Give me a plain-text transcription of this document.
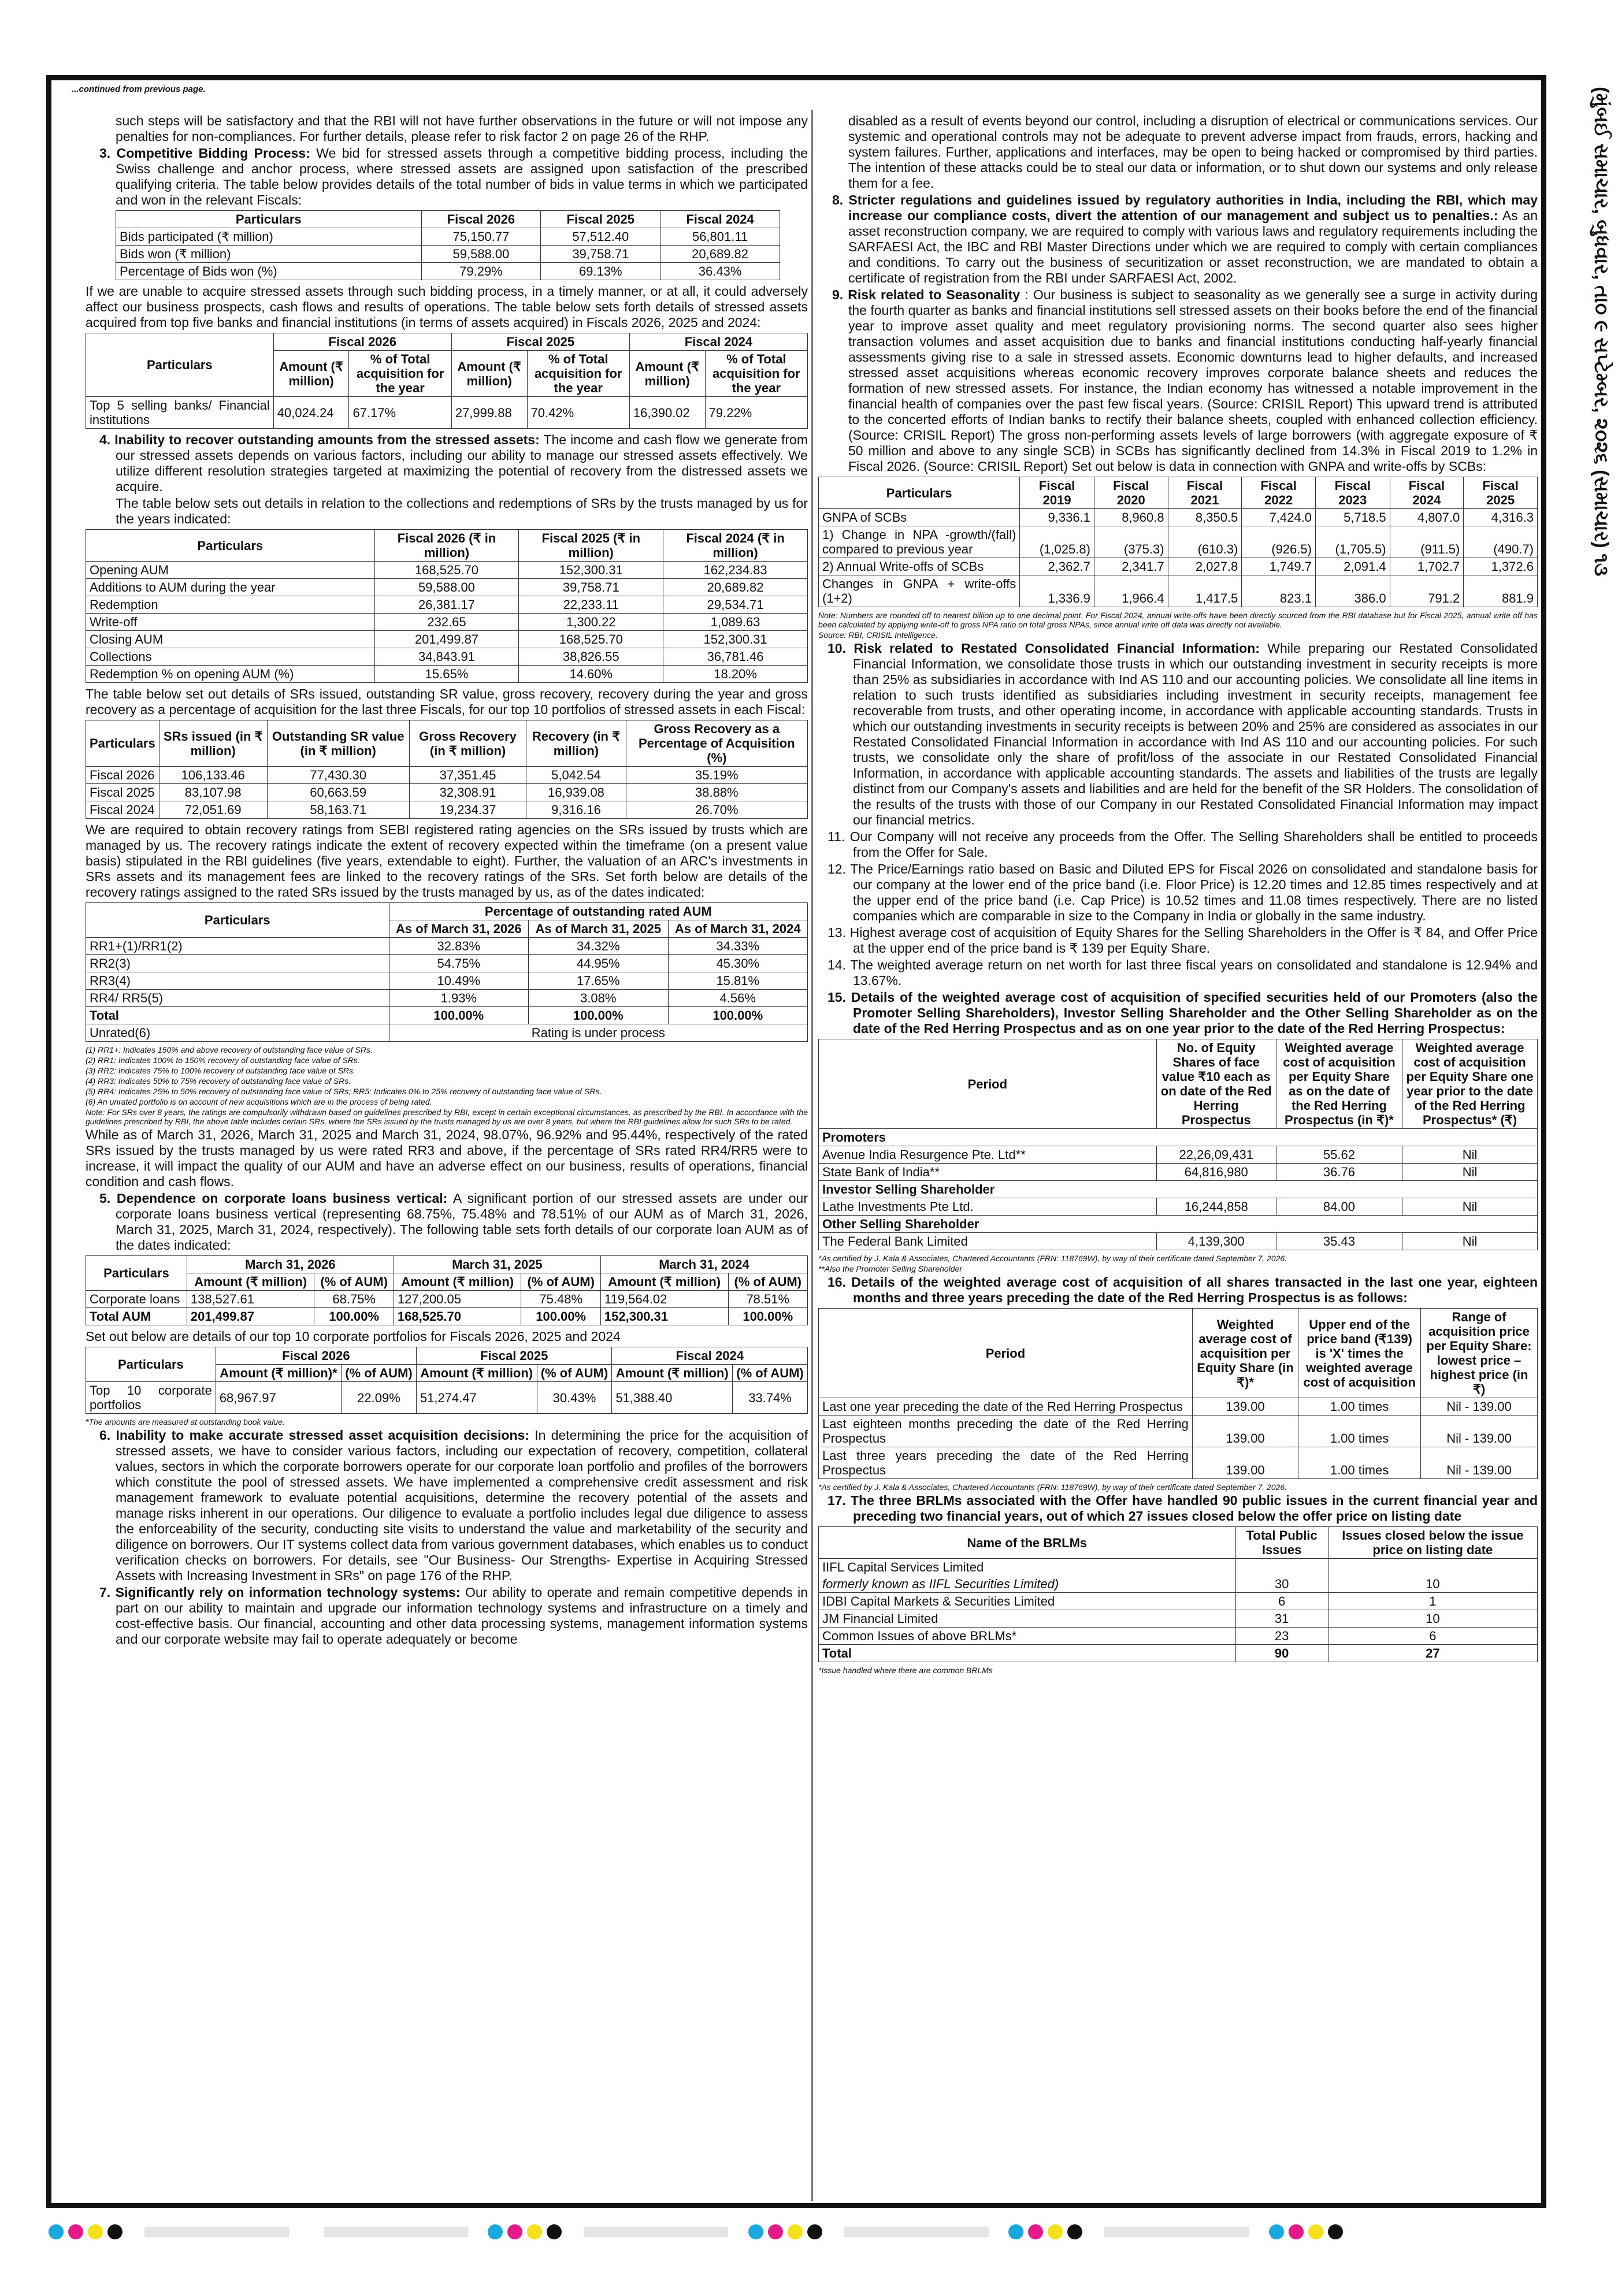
...continued from previous page.	(મુંબઈ સમાચાર, બુધવાર, તા૦ ૯ સપ્ટેમ્બર, ૨૦૨૬ (સમાચાર) ૧૩

such steps will be satisfactory and that the RBI will not have further observations in the future or will not impose any penalties for non-compliances. For further details, please refer to risk factor 2 on page 26 of the RHP.

3. Competitive Bidding Process: We bid for stressed assets through a competitive bidding process, including the Swiss challenge and anchor process, where stressed assets are assigned upon satisfaction of the prescribed qualifying criteria. The table below provides details of the total number of bids in value terms in which we participated and won in the relevant Fiscals:

Particulars	Fiscal 2026	Fiscal 2025	Fiscal 2024
Bids participated (₹ million)	75,150.77	57,512.40	56,801.11
Bids won (₹ million)	59,588.00	39,758.71	20,689.82
Percentage of Bids won (%)	79.29%	69.13%	36.43%

If we are unable to acquire stressed assets through such bidding process, in a timely manner, or at all, it could adversely affect our business prospects, cash flows and results of operations. The table below sets forth details of stressed assets acquired from top five banks and financial institutions (in terms of assets acquired) in Fiscals 2026, 2025 and 2024:

Particulars	Fiscal 2026		Fiscal 2025		Fiscal 2024	
	Amount (₹ million)	% of Total acquisition for the year	Amount (₹ million)	% of Total acquisition for the year	Amount (₹ million)	% of Total acquisition for the year
Top 5 selling banks/ Financial institutions	40,024.24	67.17%	27,999.88	70.42%	16,390.02	79.22%

4. Inability to recover outstanding amounts from the stressed assets: The income and cash flow we generate from our stressed assets depends on various factors, including our ability to manage our stressed assets effectively. We utilize different resolution strategies targeted at maximizing the potential of recovery from the distressed assets we acquire.

The table below sets out details in relation to the collections and redemptions of SRs by the trusts managed by us for the years indicated:

Particulars	Fiscal 2026 (₹ in million)	Fiscal 2025 (₹ in million)	Fiscal 2024 (₹ in million)
Opening AUM	168,525.70	152,300.31	162,234.83
Additions to AUM during the year	59,588.00	39,758.71	20,689.82
Redemption	26,381.17	22,233.11	29,534.71
Write-off	232.65	1,300.22	1,089.63
Closing AUM	201,499.87	168,525.70	152,300.31
Collections	34,843.91	38,826.55	36,781.46
Redemption % on opening AUM (%)	15.65%	14.60%	18.20%

The table below set out details of SRs issued, outstanding SR value, gross recovery, recovery during the year and gross recovery as a percentage of acquisition for the last three Fiscals, for our top 10 portfolios of stressed assets in each Fiscal:

Particulars	SRs issued (in ₹ million)	Outstanding SR value (in ₹ million)	Gross Recovery (in ₹ million)	Recovery (in ₹ million)	Gross Recovery as a Percentage of Acquisition (%)
Fiscal 2026	106,133.46	77,430.30	37,351.45	5,042.54	35.19%
Fiscal 2025	83,107.98	60,663.59	32,308.91	16,939.08	38.88%
Fiscal 2024	72,051.69	58,163.71	19,234.37	9,316.16	26.70%

We are required to obtain recovery ratings from SEBI registered rating agencies on the SRs issued by trusts which are managed by us. The recovery ratings indicate the extent of recovery expected within the timeframe (on a present value basis) stipulated in the RBI guidelines (five years, extendable to eight). Further, the valuation of an ARC's investments in SRs assets and its management fees are linked to the recovery ratings of the SRs. Set forth below are details of the recovery ratings assigned to the rated SRs issued by the trusts managed by us, as of the dates indicated:

Particulars	Percentage of outstanding rated AUM		
	As of March 31, 2026	As of March 31, 2025	As of March 31, 2024
RR1+(1)/RR1(2)	32.83%	34.32%	34.33%
RR2(3)	54.75%	44.95%	45.30%
RR3(4)	10.49%	17.65%	15.81%
RR4/ RR5(5)	1.93%	3.08%	4.56%
Total	100.00%	100.00%	100.00%
Unrated(6)	Rating is under process		
(1) RR1+: Indicates 150% and above recovery of outstanding face value of SRs.
(2) RR1: Indicates 100% to 150% recovery of outstanding face value of SRs.
(3) RR2: Indicates 75% to 100% recovery of outstanding face value of SRs.
(4) RR3: Indicates 50% to 75% recovery of outstanding face value of SRs.
(5) RR4: Indicates 25% to 50% recovery of outstanding face value of SRs; RR5: Indicates 0% to 25% recovery of outstanding face value of SRs.
(6) An unrated portfolio is on account of new acquisitions which are in the process of being rated.
Note: For SRs over 8 years, the ratings are compulsorily withdrawn based on guidelines prescribed by RBI, except in certain exceptional circumstances, as prescribed by the RBI. In accordance with the guidelines prescribed by RBI, the above table includes certain SRs, where the SRs issued by the trusts managed by us are over 8 years, but where the RBI guidelines allow for such SRs to be rated.

While as of March 31, 2026, March 31, 2025 and March 31, 2024, 98.07%, 96.92% and 95.44%, respectively of the rated SRs issued by the trusts managed by us were rated RR3 and above, if the percentage of SRs rated RR4/RR5 were to increase, it will impact the quality of our AUM and have an adverse effect on our business, results of operations, financial condition and cash flows.

5. Dependence on corporate loans business vertical: A significant portion of our stressed assets are under our corporate loans business vertical (representing 68.75%, 75.48% and 78.51% of our AUM as of March 31, 2026, March 31, 2025, March 31, 2024, respectively). The following table sets forth details of our corporate loan AUM as of the dates indicated:

Particulars	March 31, 2026		March 31, 2025		March 31, 2024	
	Amount (₹ million)	(% of AUM)	Amount (₹ million)	(% of AUM)	Amount (₹ million)	(% of AUM)
Corporate loans	138,527.61	68.75%	127,200.05	75.48%	119,564.02	78.51%
Total AUM	201,499.87	100.00%	168,525.70	100.00%	152,300.31	100.00%

Set out below are details of our top 10 corporate portfolios for Fiscals 2026, 2025 and 2024

Particulars	Fiscal 2026		Fiscal 2025		Fiscal 2024	
	Amount (₹ million)*	(% of AUM)	Amount (₹ million)	(% of AUM)	Amount (₹ million)	(% of AUM)
Top 10 corporate portfolios	68,967.97	22.09%	51,274.47	30.43%	51,388.40	33.74%
*The amounts are measured at outstanding book value.

6. Inability to make accurate stressed asset acquisition decisions: In determining the price for the acquisition of stressed assets, we have to consider various factors, including our expectation of recovery, competition, collateral values, sectors in which the corporate borrowers operate for our corporate loan portfolio and profiles of the borrowers which constitute the pool of stressed assets. We have implemented a comprehensive credit assessment and risk management framework to evaluate potential acquisitions, determine the recovery potential of the assets and manage risks inherent in our operations. Our diligence to evaluate a portfolio includes legal due diligence to assess the enforceability of the security, conducting site visits to understand the value and marketability of the security and diligence on borrowers. Our IT systems collect data from various government databases, which enables us to conduct verification checks on borrowers. For details, see "Our Business- Our Strengths- Expertise in Acquiring Stressed Assets with Increasing Investment in SRs" on page 176 of the RHP.

7. Significantly rely on information technology systems: Our ability to operate and remain competitive depends in part on our ability to maintain and upgrade our information technology systems and infrastructure on a timely and cost-effective basis. Our financial, accounting and other data processing systems, management information systems and our corporate website may fail to operate adequately or become

disabled as a result of events beyond our control, including a disruption of electrical or communications services. Our systemic and operational controls may not be adequate to prevent adverse impact from frauds, errors, hacking and system failures. Further, applications and interfaces, may be open to being hacked or compromised by third parties. The intention of these attacks could be to steal our data or information, or to shut down our systems and only release them for a fee.

8. Stricter regulations and guidelines issued by regulatory authorities in India, including the RBI, which may increase our compliance costs, divert the attention of our management and subject us to penalties.: As an asset reconstruction company, we are required to comply with various laws and regulatory requirements including the SARFAESI Act, the IBC and RBI Master Directions under which we are required to comply with certain compliances and conditions. To carry out the business of securitization or asset reconstruction, we are mandated to obtain a certificate of registration from the RBI under SARFAESI Act, 2002.

9. Risk related to Seasonality : Our business is subject to seasonality as we generally see a surge in activity during the fourth quarter as banks and financial institutions sell stressed assets on their books before the end of the financial year to improve asset quality and meet regulatory provisioning norms. The second quarter also sees higher transaction volumes and asset acquisition due to banks and financial institutions conducting half-yearly financial assessments giving rise to a sale in stressed assets. Economic downturns lead to higher defaults, and increased stressed asset acquisitions whereas economic recovery improves corporate balance sheets and reduces the formation of new stressed assets. For instance, the Indian economy has witnessed a notable improvement in the financial health of companies over the past few fiscal years. (Source: CRISIL Report) This upward trend is attributed to the concerted efforts of Indian banks to rectify their balance sheets, coupled with enhanced collection efficiency. (Source: CRISIL Report) The gross non-performing assets levels of large borrowers (with aggregate exposure of ₹ 50 million and above to any single SCB) in SCBs has significantly declined from 14.3% in Fiscal 2019 to 1.2% in Fiscal 2026. (Source: CRISIL Report) Set out below is data in connection with GNPA and write-offs by SCBs:

Particulars	Fiscal 2019	Fiscal 2020	Fiscal 2021	Fiscal 2022	Fiscal 2023	Fiscal 2024	Fiscal 2025
GNPA of SCBs	9,336.1	8,960.8	8,350.5	7,424.0	5,718.5	4,807.0	4,316.3
1) Change in NPA -growth/(fall) compared to previous year	(1,025.8)	(375.3)	(610.3)	(926.5)	(1,705.5)	(911.5)	(490.7)
2) Annual Write-offs of SCBs	2,362.7	2,341.7	2,027.8	1,749.7	2,091.4	1,702.7	1,372.6
Changes in GNPA + write-offs (1+2)	1,336.9	1,966.4	1,417.5	823.1	386.0	791.2	881.9
Note: Numbers are rounded off to nearest billion up to one decimal point. For Fiscal 2024, annual write-offs have been directly sourced from the RBI database but for Fiscal 2025, annual write off has been calculated by applying write-off to gross NPA ratio on total gross NPAs, since annual write off data was directly not available.
Source: RBI, CRISIL Intelligence.

10. Risk related to Restated Consolidated Financial Information: While preparing our Restated Consolidated Financial Information, we consolidate those trusts in which our outstanding investment in security receipts is more than 25% as subsidiaries in accordance with Ind AS 110 and our accounting policies. We consolidate all line items in relation to such trusts identified as subsidiaries including investment in security receipts, management fee recoverable from trusts, and other operating income, in accordance with applicable accounting standards. Trusts in which our outstanding investments in security receipts is between 20% and 25% are considered as associates in our Restated Consolidated Financial Information in accordance with Ind AS 110 and our accounting policies. For such trusts, we consolidate only the share of profit/loss of the associate in our Restated Consolidated Financial Information, in accordance with applicable accounting standards. The assets and liabilities of the trusts are legally distinct from our Company's assets and liabilities and are held for the benefit of the SR Holders. The consolidation of the results of the trusts with those of our Company in our Restated Consolidated Financial Information may impact our financial metrics.

11. Our Company will not receive any proceeds from the Offer. The Selling Shareholders shall be entitled to proceeds from the Offer for Sale.

12. The Price/Earnings ratio based on Basic and Diluted EPS for Fiscal 2026 on consolidated and standalone basis for our company at the lower end of the price band (i.e. Floor Price) is 12.20 times and 12.85 times respectively and at the upper end of the price band (i.e. Cap Price) is 10.52 times and 11.08 times respectively. There are no listed companies which are comparable in size to the Company in India or globally in the same industry.

13. Highest average cost of acquisition of Equity Shares for the Selling Shareholders in the Offer is ₹ 84, and Offer Price at the upper end of the price band is ₹ 139 per Equity Share.

14. The weighted average return on net worth for last three fiscal years on consolidated and standalone is 12.94% and 13.67%.

15. Details of the weighted average cost of acquisition of specified securities held of our Promoters (also the Promoter Selling Shareholders), Investor Selling Shareholder and the Other Selling Shareholder as on the date of the Red Herring Prospectus and as on one year prior to the date of the Red Herring Prospectus:

Period	No. of Equity Shares of face value ₹10 each as on date of the Red Herring Prospectus	Weighted average cost of acquisition per Equity Share as on the date of the Red Herring Prospectus (in ₹)*	Weighted average cost of acquisition per Equity Share one year prior to the date of the Red Herring Prospectus* (₹)
Promoters			
Avenue India Resurgence Pte. Ltd**	22,26,09,431	55.62	Nil
State Bank of India**	64,816,980	36.76	Nil
Investor Selling Shareholder			
Lathe Investments Pte Ltd.	16,244,858	84.00	Nil
Other Selling Shareholder			
The Federal Bank Limited	4,139,300	35.43	Nil
*As certified by J. Kala & Associates, Chartered Accountants (FRN: 118769W), by way of their certificate dated September 7, 2026.
**Also the Promoter Selling Shareholder

16. Details of the weighted average cost of acquisition of all shares transacted in the last one year, eighteen months and three years preceding the date of the Red Herring Prospectus is as follows:

Period	Weighted average cost of acquisition per Equity Share (in ₹)*	Upper end of the price band (₹139) is 'X' times the weighted average cost of acquisition	Range of acquisition price per Equity Share: lowest price – highest price (in ₹)
Last one year preceding the date of the Red Herring Prospectus	139.00	1.00 times	Nil - 139.00
Last eighteen months preceding the date of the Red Herring Prospectus	139.00	1.00 times	Nil - 139.00
Last three years preceding the date of the Red Herring Prospectus	139.00	1.00 times	Nil - 139.00
*As certified by J. Kala & Associates, Chartered Accountants (FRN: 118769W), by way of their certificate dated September 7, 2026.

17. The three BRLMs associated with the Offer have handled 90 public issues in the current financial year and preceding two financial years, out of which 27 issues closed below the offer price on listing date

Name of the BRLMs	Total Public Issues	Issues closed below the issue price on listing date
IIFL Capital Services Limited		
formerly known as IIFL Securities Limited)	30	10
IDBI Capital Markets & Securities Limited	6	1
JM Financial Limited	31	10
Common Issues of above BRLMs*	23	6
Total	90	27
*Issue handled where there are common BRLMs
